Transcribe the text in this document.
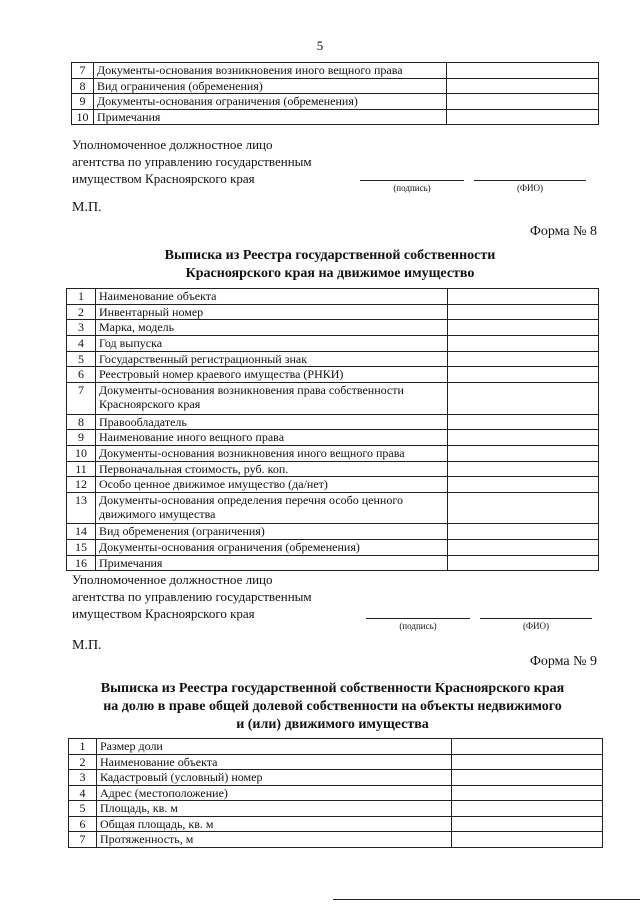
5
7	Документы-основания возникновения иного вещного права	
8	Вид ограничения (обременения)	
9	Документы-основания ограничения (обременения)	
10	Примечания	
Уполномоченное должностное лицо
агентства по управлению государственным
имуществом Красноярского края
(подпись)	(ФИО)
М.П.
Форма № 8
Выписка из Реестра государственной собственности
Красноярского края на движимое имущество
1	Наименование объекта	
2	Инвентарный номер	
3	Марка, модель	
4	Год выпуска	
5	Государственный регистрационный знак	
6	Реестровый номер краевого имущества (РНКИ)	
7	Документы-основания возникновения права собственности Красноярского края	
8	Правообладатель	
9	Наименование иного вещного права	
10	Документы-основания возникновения иного вещного права	
11	Первоначальная стоимость, руб. коп.	
12	Особо ценное движимое имущество (да/нет)	
13	Документы-основания определения перечня особо ценного движимого имущества	
14	Вид обременения (ограничения)	
15	Документы-основания ограничения (обременения)	
16	Примечания	
Уполномоченное должностное лицо
агентства по управлению государственным
имуществом Красноярского края
(подпись)	(ФИО)
М.П.
Форма № 9
Выписка из Реестра государственной собственности Красноярского края
на долю в праве общей долевой собственности на объекты недвижимого
и (или) движимого имущества
1	Размер доли	
2	Наименование объекта	
3	Кадастровый (условный) номер	
4	Адрес (местоположение)	
5	Площадь, кв. м	
6	Общая площадь, кв. м	
7	Протяженность, м	
